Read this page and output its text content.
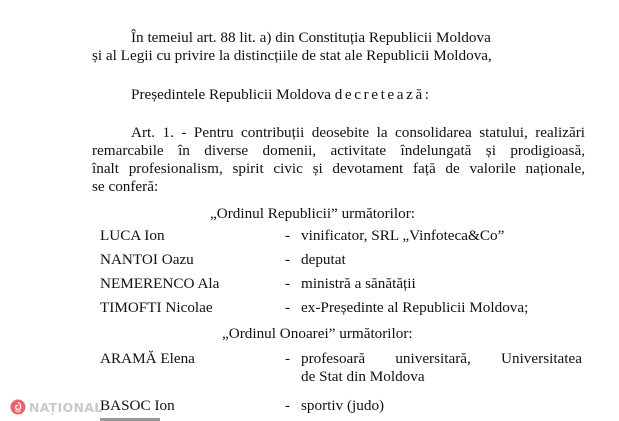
În temeiul art. 88 lit. a) din Constituția Republicii Moldova
și al Legii cu privire la distincțiile de stat ale Republicii Moldova,
Președintele Republicii Moldova decretează:
Art. 1. - Pentru contribuții deosebite la consolidarea statului, realizări
remarcabile în diverse domenii, activitate îndelungată și prodigioasă,
înalt profesionalism, spirit civic și devotament față de valorile naționale,
se conferă:
„Ordinul Republicii” următorilor:
LUCA Ion	- vinificator, SRL „Vinfoteca&Co”
NANTOI Oazu	- deputat
NEMERENCO Ala	- ministră a sănătății
TIMOFTI Nicolae	- ex-Președinte al Republicii Moldova;
„Ordinul Onoarei” următorilor:
ARAMĂ Elena	- profesoară universitară, Universitatea
de Stat din Moldova
BASOC Ion	- sportiv (judo)
NAȚIONAL
